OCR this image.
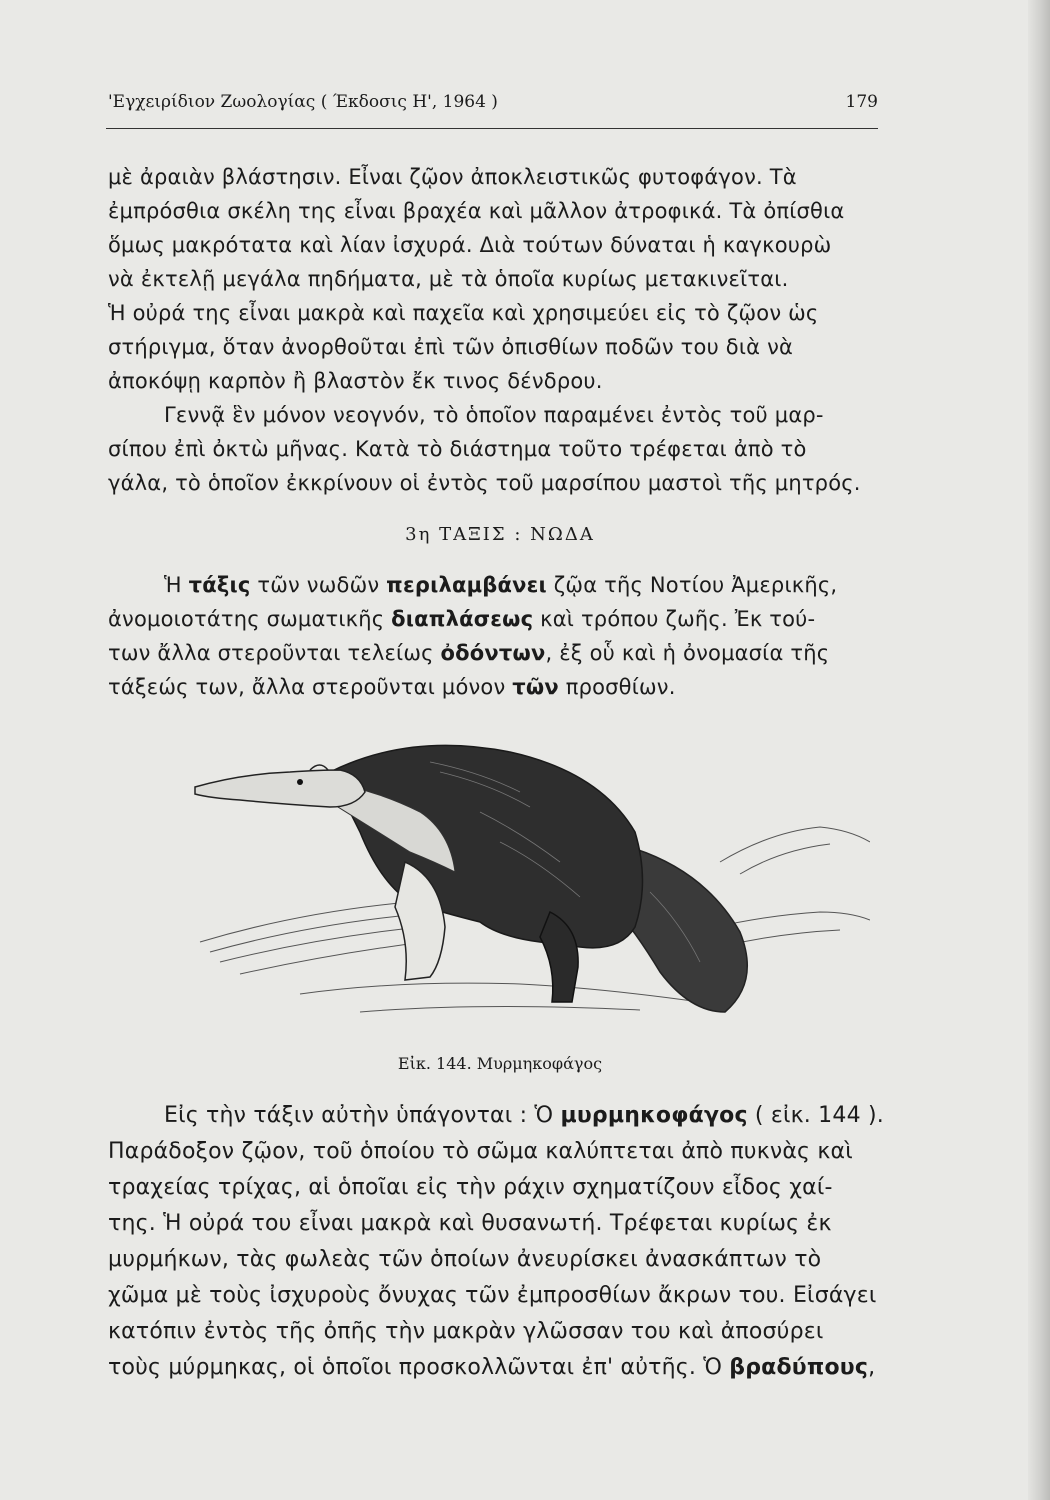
'Εγχειρίδιον Ζωολογίας ( Έκδοσις Η', 1964 )	179

μὲ ἀραιὰν βλάστησιν. Εἶναι ζῷον ἀποκλειστικῶς φυτοφάγον. Τὰ
ἐμπρόσθια σκέλη της εἶναι βραχέα καὶ μᾶλλον ἀτροφικά. Τὰ ὀπίσθια
ὅμως μακρότατα καὶ λίαν ἰσχυρά. Διὰ τούτων δύναται ἡ καγκουρὼ
νὰ ἐκτελῇ μεγάλα πηδήματα, μὲ τὰ ὁποῖα κυρίως μετακινεῖται.
Ἡ οὐρά της εἶναι μακρὰ καὶ παχεῖα καὶ χρησιμεύει εἰς τὸ ζῷον ὡς
στήριγμα, ὅταν ἀνορθοῦται ἐπὶ τῶν ὀπισθίων ποδῶν του διὰ νὰ
ἀποκόψῃ καρπὸν ἢ βλαστὸν ἔκ τινος δένδρου.

Γεννᾷ ἓν μόνον νεογνόν, τὸ ὁποῖον παραμένει ἐντὸς τοῦ μαρ-
σίπου ἐπὶ ὀκτὼ μῆνας. Κατὰ τὸ διάστημα τοῦτο τρέφεται ἀπὸ τὸ
γάλα, τὸ ὁποῖον ἐκκρίνουν οἱ ἐντὸς τοῦ μαρσίπου μαστοὶ τῆς μητρός.

3η ΤΑΞΙΣ : ΝΩΔΑ

Ἡ τάξις τῶν νωδῶν περιλαμβάνει ζῷα τῆς Νοτίου Ἀμερικῆς,
ἀνομοιοτάτης σωματικῆς διαπλάσεως καὶ τρόπου ζωῆς. Ἐκ τού-
των ἄλλα στεροῦνται τελείως ὀδόντων, ἐξ οὗ καὶ ἡ ὀνομασία τῆς
τάξεώς των, ἄλλα στεροῦνται μόνον τῶν προσθίων.

Εἰκ. 144. Μυρμηκοφάγος

Εἰς τὴν τάξιν αὐτὴν ὑπάγονται : Ὁ μυρμηκοφάγος ( εἰκ. 144 ).
Παράδοξον ζῷον, τοῦ ὁποίου τὸ σῶμα καλύπτεται ἀπὸ πυκνὰς καὶ
τραχείας τρίχας, αἱ ὁποῖαι εἰς τὴν ράχιν σχηματίζουν εἶδος χαί-
της. Ἡ οὐρά του εἶναι μακρὰ καὶ θυσανωτή. Τρέφεται κυρίως ἐκ
μυρμήκων, τὰς φωλεὰς τῶν ὁποίων ἀνευρίσκει ἀνασκάπτων τὸ
χῶμα μὲ τοὺς ἰσχυροὺς ὄνυχας τῶν ἐμπροσθίων ἄκρων του. Εἰσάγει
κατόπιν ἐντὸς τῆς ὀπῆς τὴν μακρὰν γλῶσσαν του καὶ ἀποσύρει
τοὺς μύρμηκας, οἱ ὁποῖοι προσκολλῶνται ἐπ' αὐτῆς. Ὁ βραδύπους,
